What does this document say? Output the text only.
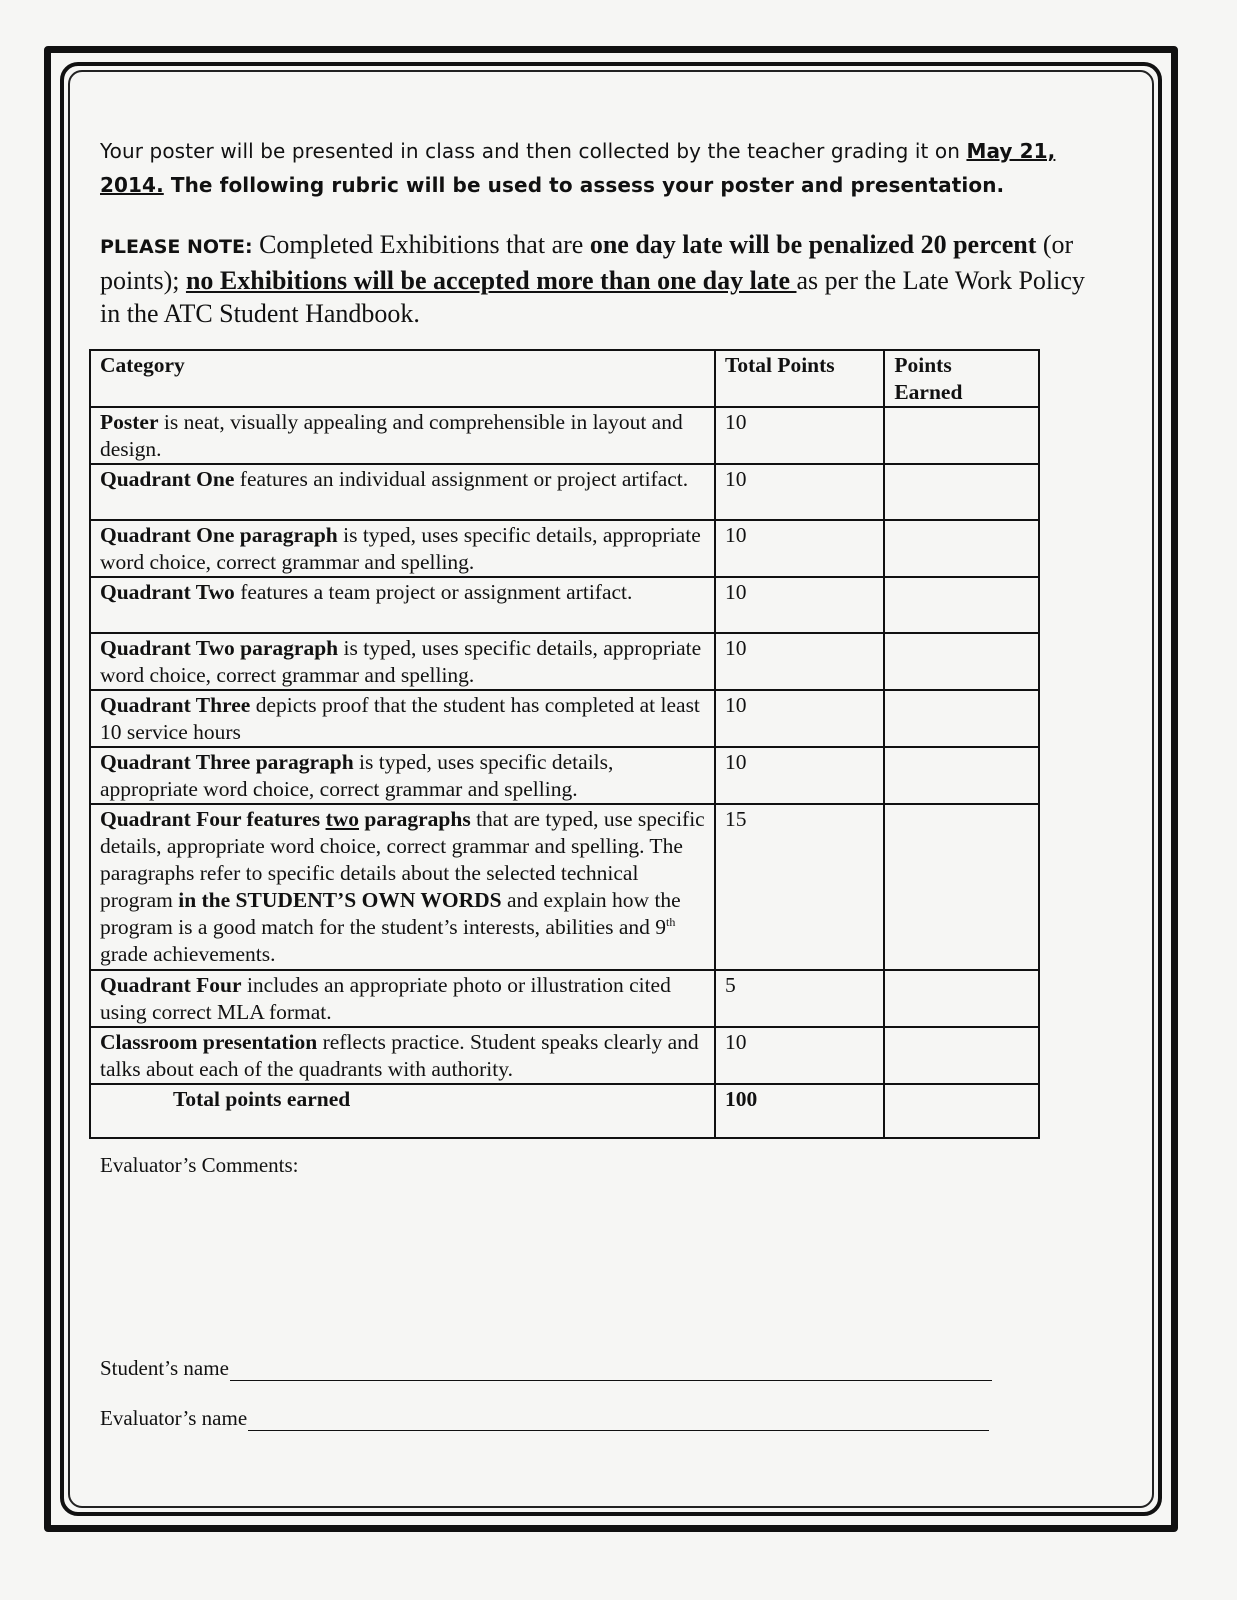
Your poster will be presented in class and then collected by the teacher grading it on May 21,
2014. The following rubric will be used to assess your poster and presentation.
PLEASE NOTE: Completed Exhibitions that are one day late will be penalized 20 percent (or points); no Exhibitions will be accepted more than one day late as per the Late Work Policy in the ATC Student Handbook.
Category	Total Points	Points Earned
Poster is neat, visually appealing and comprehensible in layout and design.	10	
Quadrant One features an individual assignment or project artifact.	10	
Quadrant One paragraph is typed, uses specific details, appropriate word choice, correct grammar and spelling.	10	
Quadrant Two features a team project or assignment artifact.	10	
Quadrant Two paragraph is typed, uses specific details, appropriate word choice, correct grammar and spelling.	10	
Quadrant Three depicts proof that the student has completed at least 10 service hours	10	
Quadrant Three paragraph is typed, uses specific details, appropriate word choice, correct grammar and spelling.	10	
Quadrant Four features two paragraphs that are typed, use specific details, appropriate word choice, correct grammar and spelling. The paragraphs refer to specific details about the selected technical program in the STUDENT’S OWN WORDS and explain how the program is a good match for the student’s interests, abilities and 9th grade achievements.	15	
Quadrant Four includes an appropriate photo or illustration cited using correct MLA format.	5	
Classroom presentation reflects practice. Student speaks clearly and talks about each of the quadrants with authority.	10	
Total points earned	100	
Evaluator’s Comments:
Student’s name
Evaluator’s name
